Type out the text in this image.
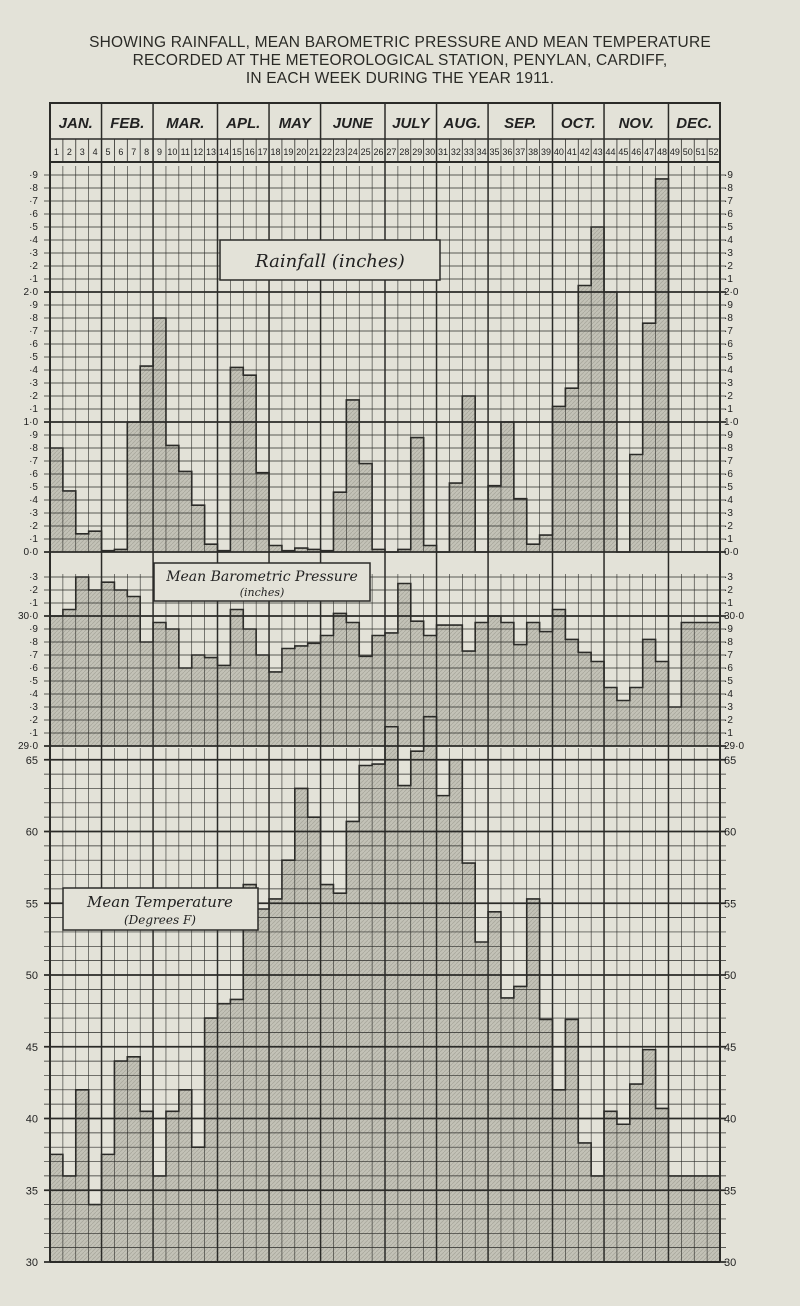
SHOWING RAINFALL, MEAN BAROMETRIC PRESSURE AND MEAN TEMPERATURE
RECORDED AT THE METEOROLOGICAL STATION, PENYLAN, CARDIFF,
IN EACH WEEK DURING THE YEAR 1911.
JAN. FEB. MAR. APL. MAY JUNE JULY AUG. SEP. OCT. NOV. DEC.
1 2 3 4 5 6 7 8 9 10 11 12 13 14 15 16 17 18 19 20 21 22 23 24 25 26 27 28 29 30 31 32 33 34 35 36 37 38 39 40 41 42 43 44 45 46 47 48 49 50 51 52
0·0	0·0
·1	·1
·2	·2
·3	·3
·4	·4
·5	·5
·6	·6
·7	·7
·8	·8
·9	·9
1·0	1·0
·1	·1
·2	·2
·3	·3
·4	·4
·5	·5
·6	·6
·7	·7
·8	·8
·9	·9
2·0	2·0
·1	·1
·2	·2
·3	·3
·4	·4
·5	·5
·6	·6
·7	·7
·8	·8
·9	·9
29·0	29·0
·1	·1
·2	·2
·3	·3
·4	·4
·5	·5
·6	·6
·7	·7
·8	·8
·9	·9
30·0	30·0
·1	·1
·2	·2
·3	·3
30	30
35	35
40	40
45	45
50	50
55	55
60	60
65	65
Rainfall (inches)
Mean Barometric Pressure
(inches)
Mean Temperature
(Degrees F)
